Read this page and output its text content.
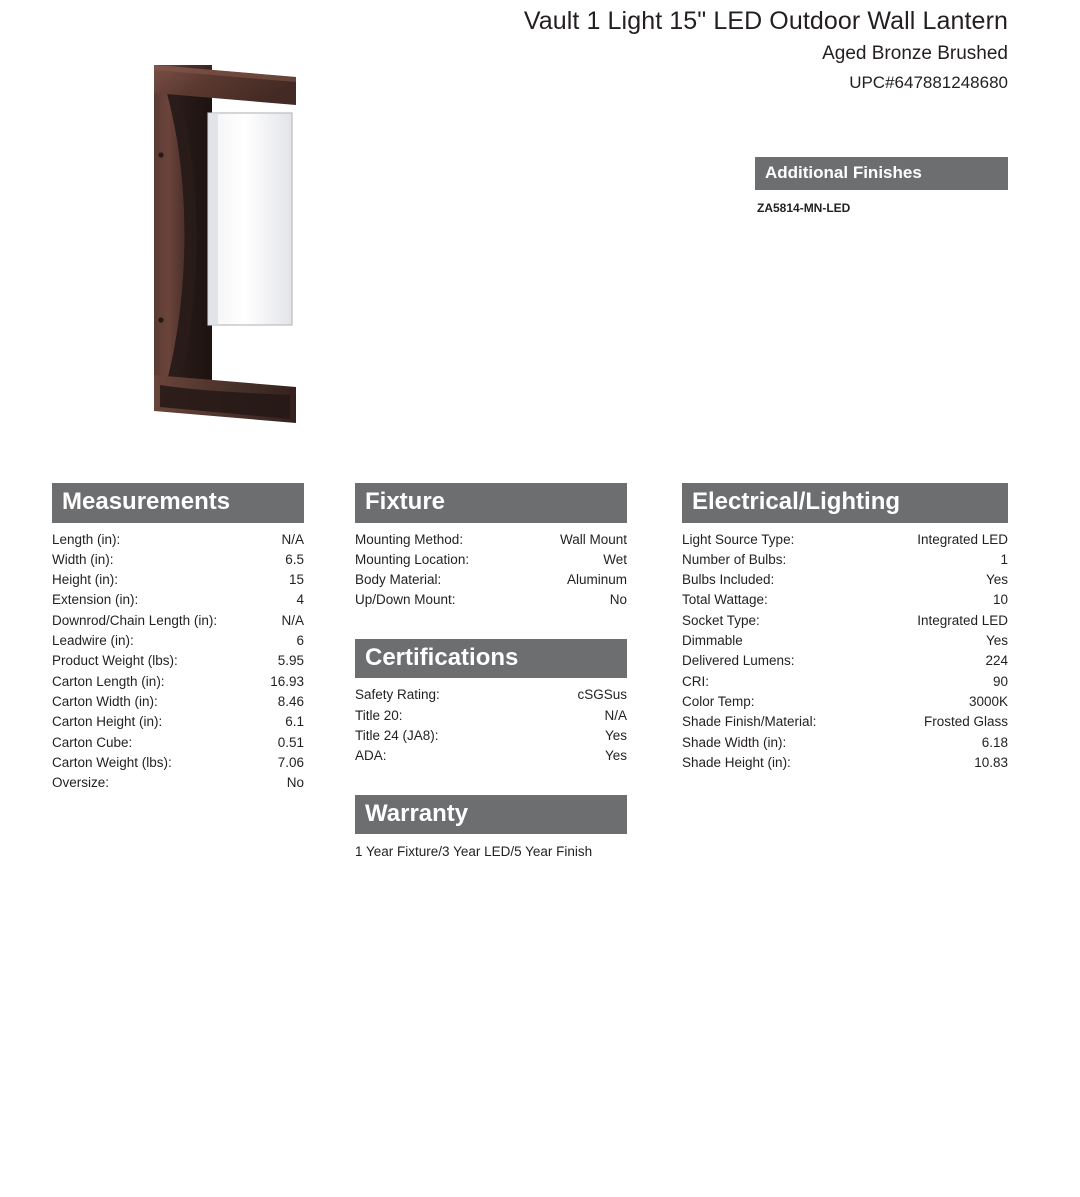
Vault 1 Light 15" LED Outdoor Wall Lantern
Aged Bronze Brushed
UPC#647881248680
Additional Finishes
ZA5814-MN-LED
Measurements
Length (in):	N/A
Width (in):	6.5
Height (in):	15
Extension (in):	4
Downrod/Chain Length (in):	N/A
Leadwire (in):	6
Product Weight (lbs):	5.95
Carton Length (in):	16.93
Carton Width (in):	8.46
Carton Height (in):	6.1
Carton Cube:	0.51
Carton Weight (lbs):	7.06
Oversize:	No
Fixture
Mounting Method:	Wall Mount
Mounting Location:	Wet
Body Material:	Aluminum
Up/Down Mount:	No
Certifications
Safety Rating:	cSGSus
Title 20:	N/A
Title 24 (JA8):	Yes
ADA:	Yes
Warranty
1 Year Fixture/3 Year LED/5 Year Finish
Electrical/Lighting
Light Source Type:	Integrated LED
Number of Bulbs:	1
Bulbs Included:	Yes
Total Wattage:	10
Socket Type:	Integrated LED
Dimmable	Yes
Delivered Lumens:	224
CRI:	90
Color Temp:	3000K
Shade Finish/Material:	Frosted Glass
Shade Width (in):	6.18
Shade Height (in):	10.83
